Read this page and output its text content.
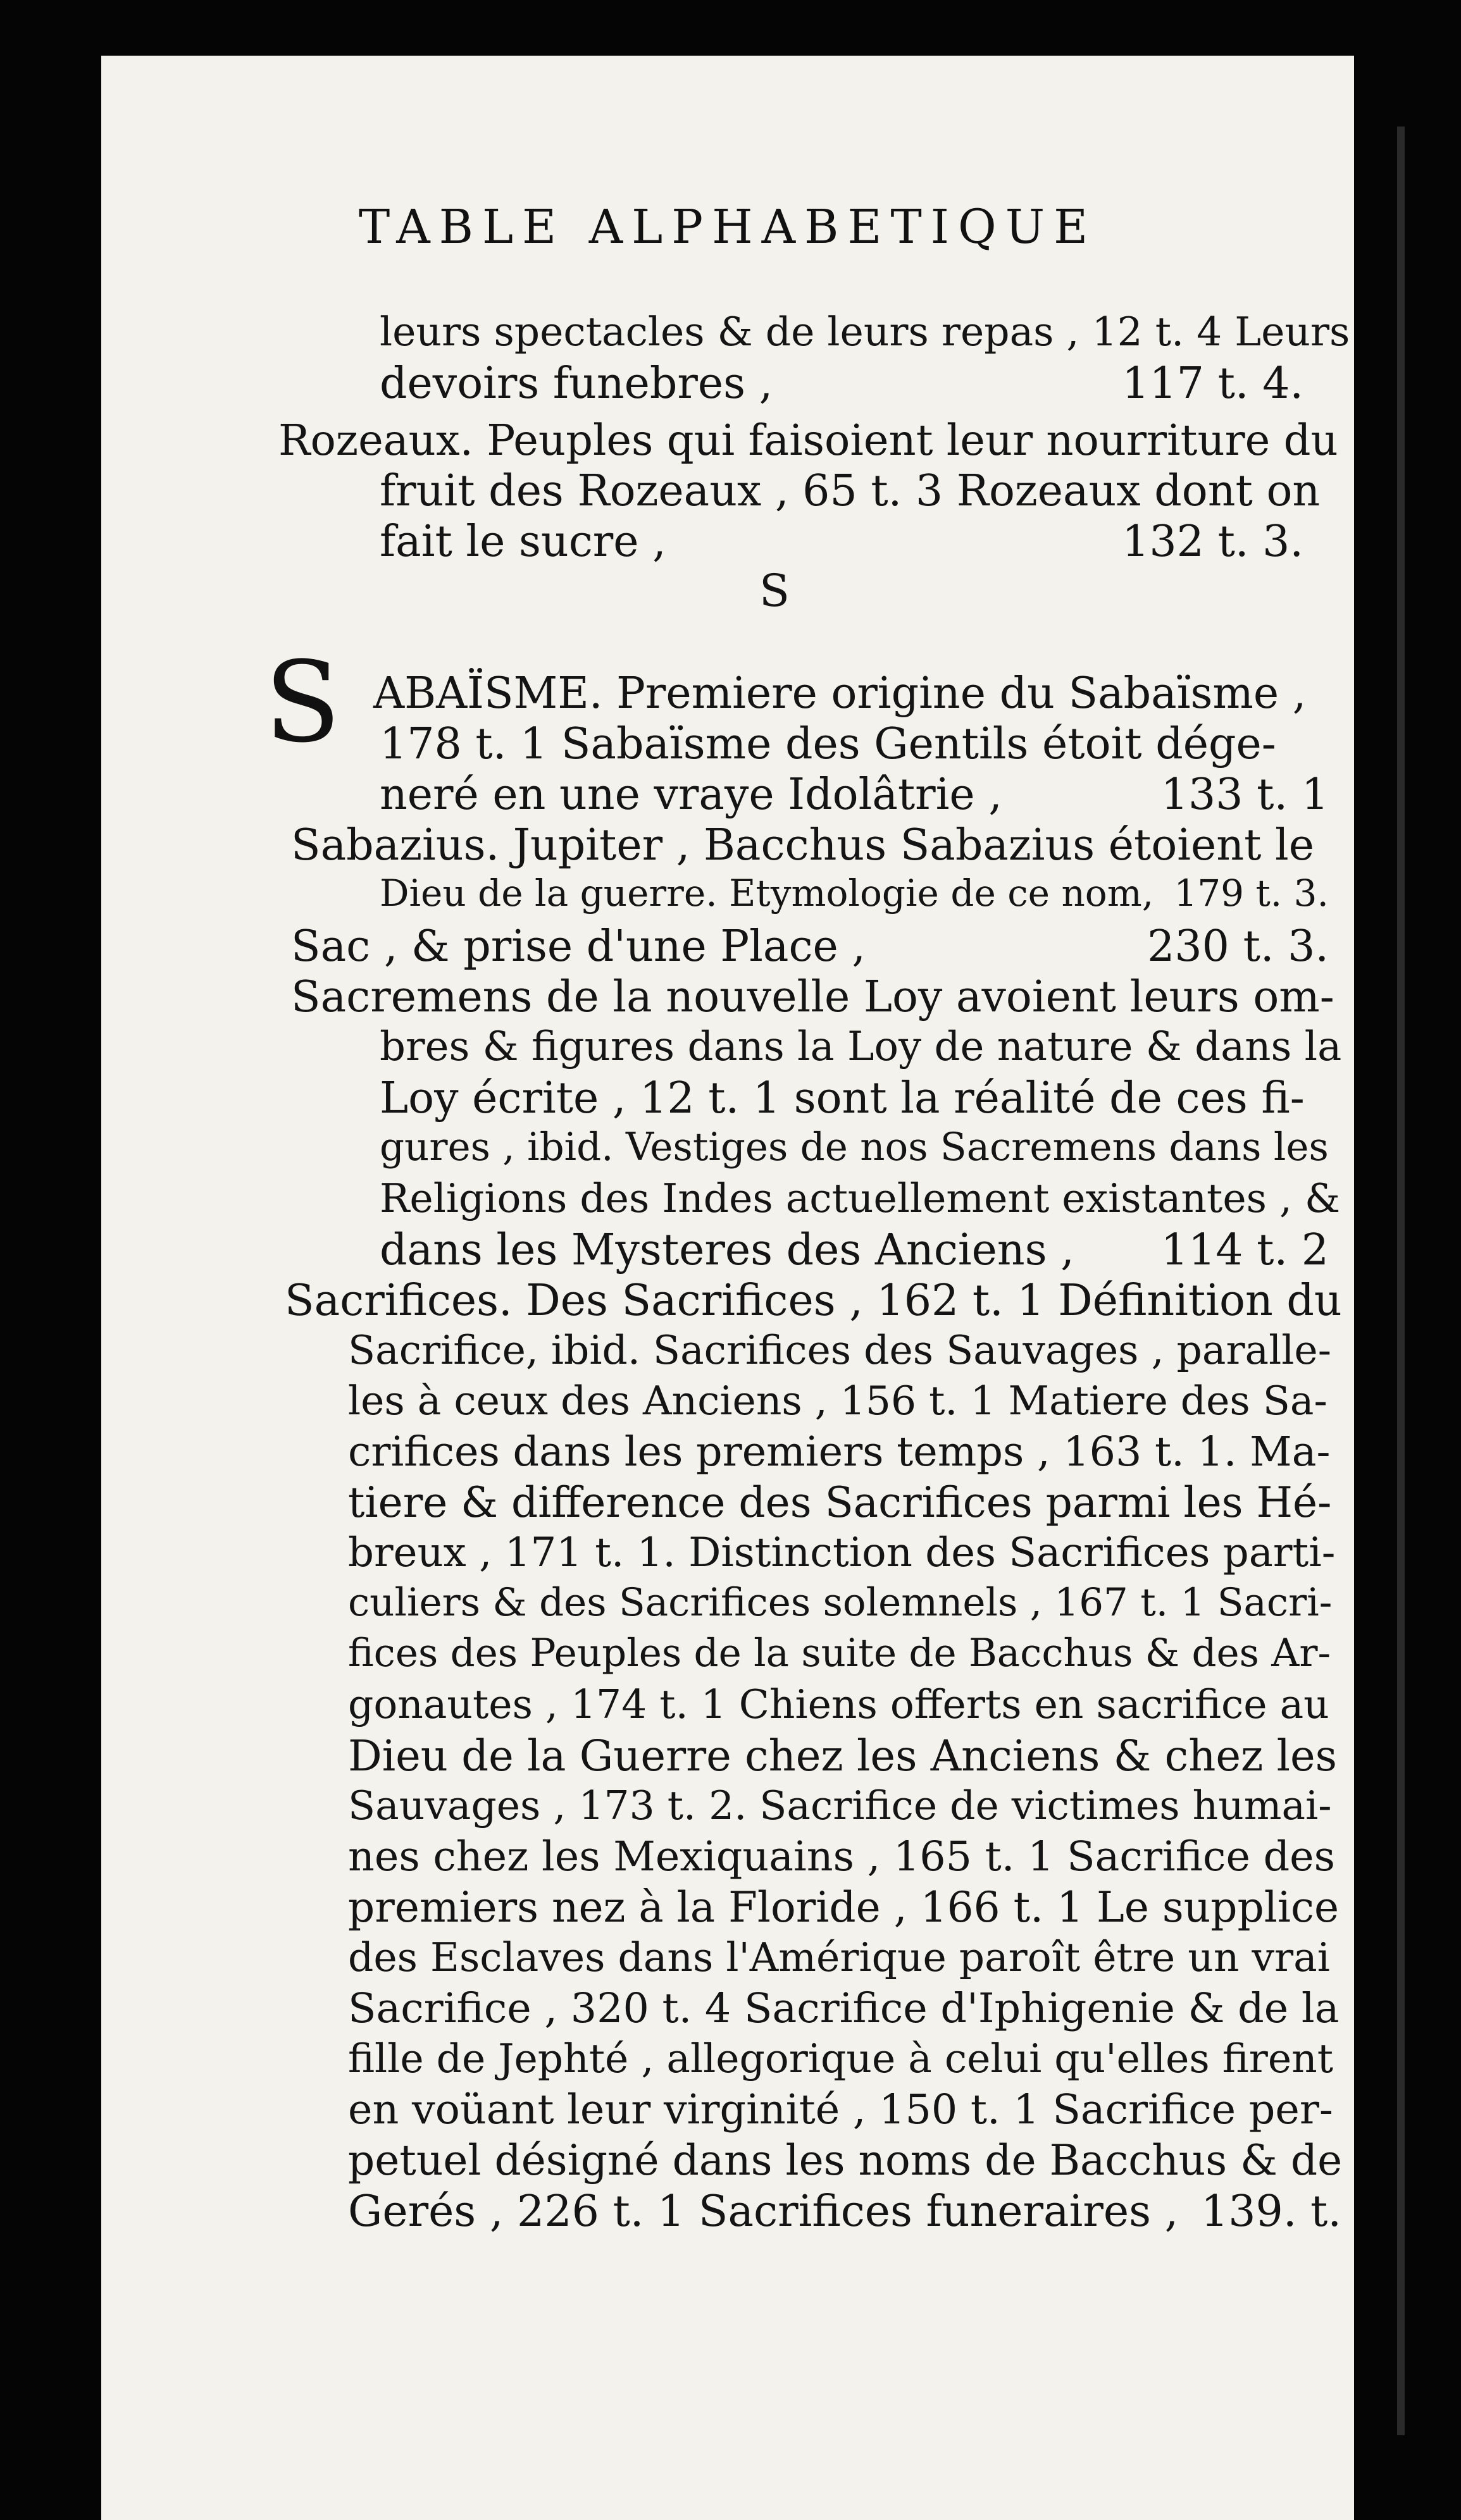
TABLE ALPHABETIQUE
S
S
leurs spectacles & de leurs repas , 12 t. 4 Leurs
devoirs funebres ,	117 t. 4.
Rozeaux. Peuples qui faisoient leur nourriture du
fruit des Rozeaux , 65 t. 3 Rozeaux dont on
fait le sucre ,	132 t. 3.
ABAÏSME. Premiere origine du Sabaïsme ,
178 t. 1 Sabaïsme des Gentils étoit dége-
neré en une vraye Idolâtrie ,	133 t. 1
Sabazius. Jupiter , Bacchus Sabazius étoient le
Dieu de la guerre. Etymologie de ce nom, 179 t. 3.
Sac , & prise d'une Place ,	230 t. 3.
Sacremens de la nouvelle Loy avoient leurs om-
bres & figures dans la Loy de nature & dans la
Loy écrite , 12 t. 1 sont la réalité de ces fi-
gures , ibid. Vestiges de nos Sacremens dans les
Religions des Indes actuellement existantes , &
dans les Mysteres des Anciens , 114 t. 2
Sacrifices. Des Sacrifices , 162 t. 1 Définition du
Sacrifice, ibid. Sacrifices des Sauvages , paralle-
les à ceux des Anciens , 156 t. 1 Matiere des Sa-
crifices dans les premiers temps , 163 t. 1. Ma-
tiere & difference des Sacrifices parmi les Hé-
breux , 171 t. 1. Distinction des Sacrifices parti-
culiers & des Sacrifices solemnels , 167 t. 1 Sacri-
fices des Peuples de la suite de Bacchus & des Ar-
gonautes , 174 t. 1 Chiens offerts en sacrifice au
Dieu de la Guerre chez les Anciens & chez les
Sauvages , 173 t. 2. Sacrifice de victimes humai-
nes chez les Mexiquains , 165 t. 1 Sacrifice des
premiers nez à la Floride , 166 t. 1 Le supplice
des Esclaves dans l'Amérique paroît être un vrai
Sacrifice , 320 t. 4 Sacrifice d'Iphigenie & de la
fille de Jephté , allegorique à celui qu'elles firent
en voüant leur virginité , 150 t. 1 Sacrifice per-
petuel désigné dans les noms de Bacchus & de
Gerés , 226 t. 1 Sacrifices funeraires , 139. t.
